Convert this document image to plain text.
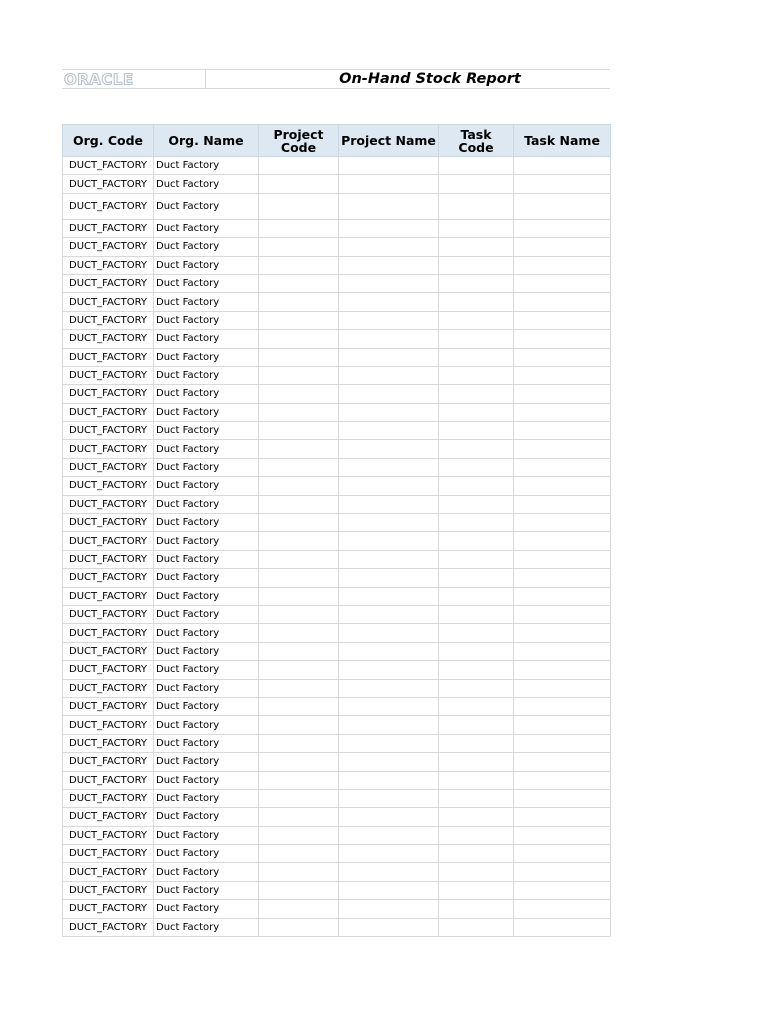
ORACLE	On-Hand Stock Report
Org. Code	Org. Name	Project Code	Project Name	Task Code	Task Name
DUCT_FACTORY	Duct Factory				
DUCT_FACTORY	Duct Factory				
DUCT_FACTORY	Duct Factory				
DUCT_FACTORY	Duct Factory				
DUCT_FACTORY	Duct Factory				
DUCT_FACTORY	Duct Factory				
DUCT_FACTORY	Duct Factory				
DUCT_FACTORY	Duct Factory				
DUCT_FACTORY	Duct Factory				
DUCT_FACTORY	Duct Factory				
DUCT_FACTORY	Duct Factory				
DUCT_FACTORY	Duct Factory				
DUCT_FACTORY	Duct Factory				
DUCT_FACTORY	Duct Factory				
DUCT_FACTORY	Duct Factory				
DUCT_FACTORY	Duct Factory				
DUCT_FACTORY	Duct Factory				
DUCT_FACTORY	Duct Factory				
DUCT_FACTORY	Duct Factory				
DUCT_FACTORY	Duct Factory				
DUCT_FACTORY	Duct Factory				
DUCT_FACTORY	Duct Factory				
DUCT_FACTORY	Duct Factory				
DUCT_FACTORY	Duct Factory				
DUCT_FACTORY	Duct Factory				
DUCT_FACTORY	Duct Factory				
DUCT_FACTORY	Duct Factory				
DUCT_FACTORY	Duct Factory				
DUCT_FACTORY	Duct Factory				
DUCT_FACTORY	Duct Factory				
DUCT_FACTORY	Duct Factory				
DUCT_FACTORY	Duct Factory				
DUCT_FACTORY	Duct Factory				
DUCT_FACTORY	Duct Factory				
DUCT_FACTORY	Duct Factory				
DUCT_FACTORY	Duct Factory				
DUCT_FACTORY	Duct Factory				
DUCT_FACTORY	Duct Factory				
DUCT_FACTORY	Duct Factory				
DUCT_FACTORY	Duct Factory				
DUCT_FACTORY	Duct Factory				
DUCT_FACTORY	Duct Factory				
